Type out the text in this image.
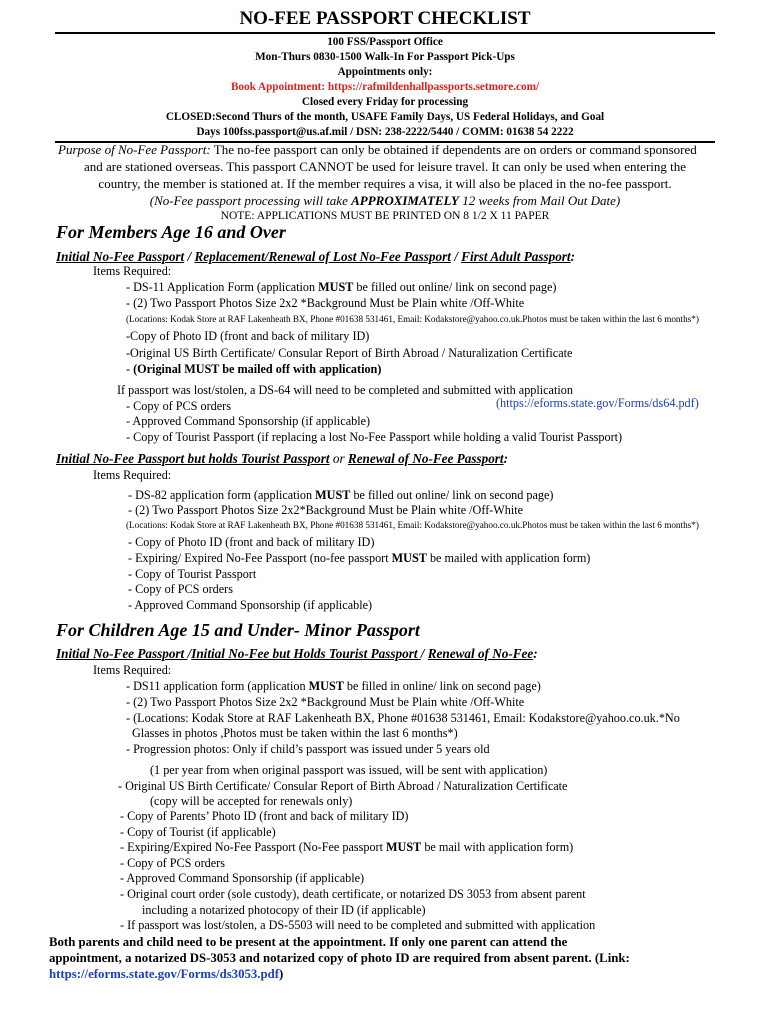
NO-FEE PASSPORT CHECKLIST
100 FSS/Passport Office
Mon-Thurs 0830-1500 Walk-In For Passport Pick-Ups
Appointments only:
Book Appointment: https://rafmildenhallpassports.setmore.com/
Closed every Friday for processing
CLOSED:Second Thurs of the month, USAFE Family Days, US Federal Holidays, and Goal
Days 100fss.passport@us.af.mil / DSN: 238-2222/5440 / COMM: 01638 54 2222
Purpose of No-Fee Passport: The no-fee passport can only be obtained if dependents are on orders or command sponsored
and are stationed overseas. This passport CANNOT be used for leisure travel. It can only be used when entering the
country, the member is stationed at. If the member requires a visa, it will also be placed in the no-fee passport.
(No-Fee passport processing will take APPROXIMATELY 12 weeks from Mail Out Date)
NOTE: APPLICATIONS MUST BE PRINTED ON 8 1/2 X 11 PAPER
For Members Age 16 and Over
Initial No-Fee Passport / Replacement/Renewal of Lost No-Fee Passport / First Adult Passport:
Items Required:
- DS-11 Application Form (application MUST be filled out online/ link on second page)
- (2) Two Passport Photos Size 2x2 *Background Must be Plain white /Off-White
(Locations: Kodak Store at RAF Lakenheath BX, Phone #01638 531461, Email: Kodakstore@yahoo.co.uk.Photos must be taken within the last 6 months*)
-Copy of Photo ID (front and back of military ID)
-Original US Birth Certificate/ Consular Report of Birth Abroad / Naturalization Certificate
- (Original MUST be mailed off with application)
If passport was lost/stolen, a DS-64 will need to be completed and submitted with application
- Copy of PCS orders	(https://eforms.state.gov/Forms/ds64.pdf)
- Approved Command Sponsorship (if applicable)
- Copy of Tourist Passport (if replacing a lost No-Fee Passport while holding a valid Tourist Passport)
Initial No-Fee Passport but holds Tourist Passport or Renewal of No-Fee Passport:
Items Required:
- DS-82 application form (application MUST be filled out online/ link on second page)
- (2) Two Passport Photos Size 2x2*Background Must be Plain white /Off-White
(Locations: Kodak Store at RAF Lakenheath BX, Phone #01638 531461, Email: Kodakstore@yahoo.co.uk.Photos must be taken within the last 6 months*)
- Copy of Photo ID (front and back of military ID)
- Expiring/ Expired No-Fee Passport (no-fee passport MUST be mailed with application form)
- Copy of Tourist Passport
- Copy of PCS orders
- Approved Command Sponsorship (if applicable)
For Children Age 15 and Under- Minor Passport
Initial No-Fee Passport /Initial No-Fee but Holds Tourist Passport / Renewal of No-Fee:
Items Required:
- DS11 application form (application MUST be filled in online/ link on second page)
- (2) Two Passport Photos Size 2x2 *Background Must be Plain white /Off-White
- (Locations: Kodak Store at RAF Lakenheath BX, Phone #01638 531461, Email: Kodakstore@yahoo.co.uk.*No
Glasses in photos ,Photos must be taken within the last 6 months*)
- Progression photos: Only if child’s passport was issued under 5 years old
(1 per year from when original passport was issued, will be sent with application)
- Original US Birth Certificate/ Consular Report of Birth Abroad / Naturalization Certificate
(copy will be accepted for renewals only)
- Copy of Parents’ Photo ID (front and back of military ID)
- Copy of Tourist (if applicable)
- Expiring/Expired No-Fee Passport (No-Fee passport MUST be mail with application form)
- Copy of PCS orders
- Approved Command Sponsorship (if applicable)
- Original court order (sole custody), death certificate, or notarized DS 3053 from absent parent
including a notarized photocopy of their ID (if applicable)
- If passport was lost/stolen, a DS-5503 will need to be completed and submitted with application
Both parents and child need to be present at the appointment. If only one parent can attend the
appointment, a notarized DS-3053 and notarized copy of photo ID are required from absent parent. (Link:
https://eforms.state.gov/Forms/ds3053.pdf)
